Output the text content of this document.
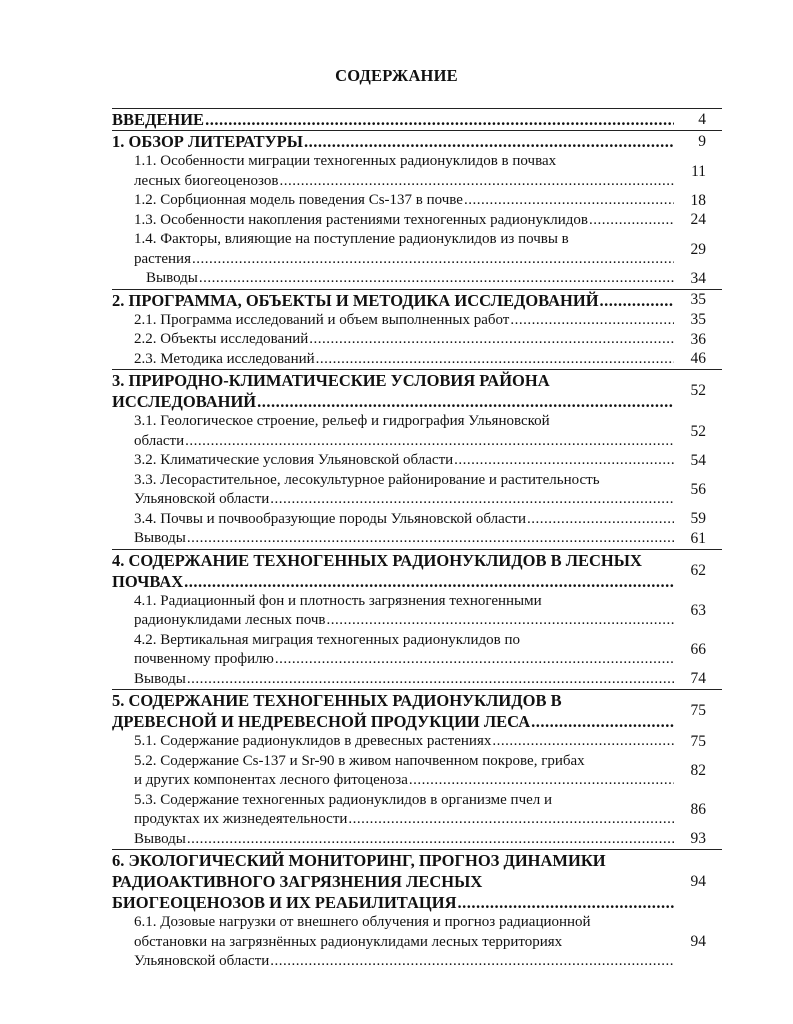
СОДЕРЖАНИЕ
ВВЕДЕНИЕ
.....	4

1. ОБЗОР ЛИТЕРАТУРЫ
.....	9

1.1. Особенности миграции техногенных радионуклидов в почвах
лесных биогеоценозов
.....	11

1.2. Сорбционная модель поведения Cs-137 в почве
.....	18

1.3. Особенности накопления растениями техногенных радионуклидов
.....	24

1.4. Факторы, влияющие на поступление радионуклидов из почвы в
растения
.....	29

Выводы
.....	34

2. ПРОГРАММА, ОБЪЕКТЫ И МЕТОДИКА ИССЛЕДОВАНИЙ
.....	35

2.1. Программа исследований и объем выполненных работ
.....	35

2.2. Объекты исследований
.....	36

2.3. Методика исследований
.....	46

3. ПРИРОДНО-КЛИМАТИЧЕСКИЕ УСЛОВИЯ РАЙОНА
ИССЛЕДОВАНИЙ
.....	52

3.1. Геологическое строение, рельеф и гидрография Ульяновской
области
.....	52

3.2. Климатические условия Ульяновской области
.....	54

3.3. Лесорастительное, лесокультурное районирование и растительность
Ульяновской области
.....	56

3.4. Почвы и почвообразующие породы Ульяновской области
.....	59

Выводы
.....	61

4. СОДЕРЖАНИЕ ТЕХНОГЕННЫХ РАДИОНУКЛИДОВ В ЛЕСНЫХ
ПОЧВАХ
.....	62

4.1. Радиационный фон и плотность загрязнения техногенными
радионуклидами лесных почв
.....	63

4.2. Вертикальная миграция техногенных радионуклидов по
почвенному профилю
.....	66

Выводы
.....	74

5. СОДЕРЖАНИЕ ТЕХНОГЕННЫХ РАДИОНУКЛИДОВ В
ДРЕВЕСНОЙ И НЕДРЕВЕСНОЙ ПРОДУКЦИИ ЛЕСА
.....	75

5.1. Содержание радионуклидов в древесных растениях
.....	75

5.2. Содержание Cs-137 и Sr-90 в живом напочвенном покрове, грибах
и других компонентах лесного фитоценоза
.....	82

5.3. Содержание техногенных радионуклидов в организме пчел и
продуктах их жизнедеятельности
.....	86

Выводы
.....	93

6. ЭКОЛОГИЧЕСКИЙ МОНИТОРИНГ, ПРОГНОЗ ДИНАМИКИ
РАДИОАКТИВНОГО ЗАГРЯЗНЕНИЯ ЛЕСНЫХ
БИОГЕОЦЕНОЗОВ И ИХ РЕАБИЛИТАЦИЯ
.....	94

6.1. Дозовые нагрузки от внешнего облучения и прогноз радиационной
обстановки на загрязнённых радионуклидами лесных территориях
Ульяновской области
.....	94
